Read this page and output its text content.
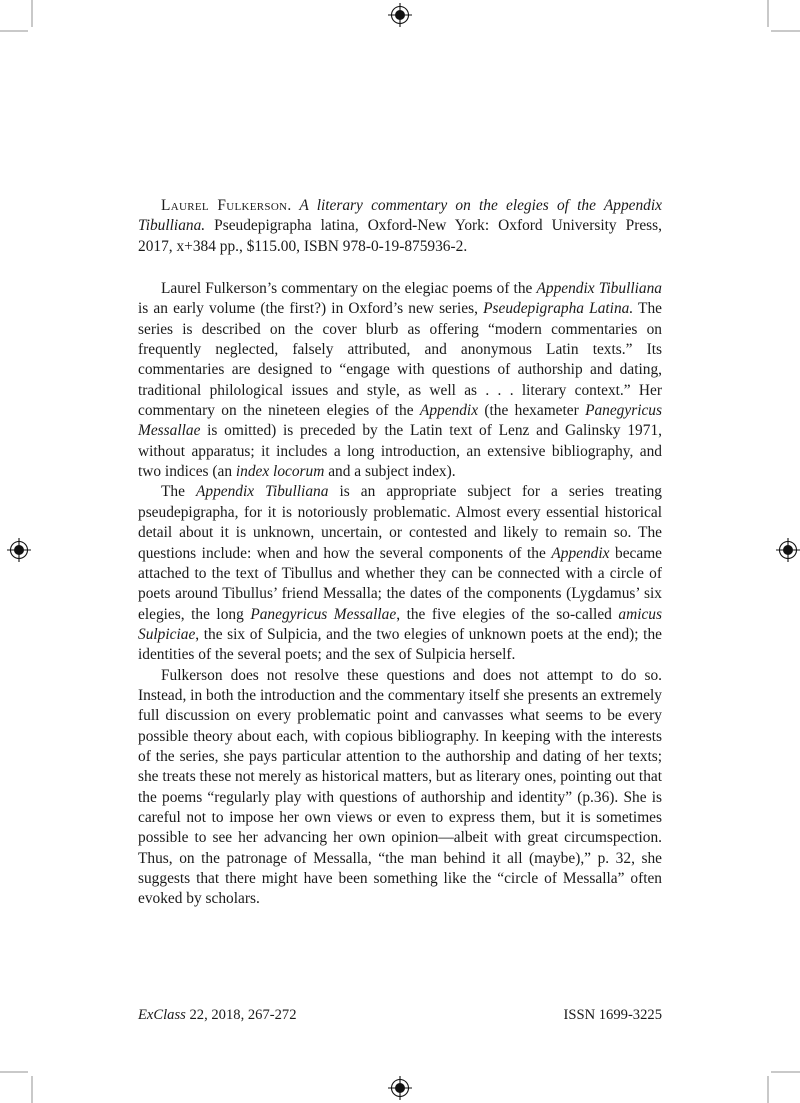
Laurel Fulkerson. A literary commentary on the elegies of the Appendix Tibulliana. Pseudepigrapha latina, Oxford-New York: Oxford University Press, 2017, x+384 pp., $115.00, ISBN 978-0-19-875936-2.

Laurel Fulkerson’s commentary on the elegiac poems of the Appendix Tibulliana is an early volume (the first?) in Oxford’s new series, Pseudepigrapha Latina. The series is described on the cover blurb as offering “modern commentaries on frequently neglected, falsely attributed, and anonymous Latin texts.” Its commentaries are designed to “engage with questions of authorship and dating, traditional philological issues and style, as well as . . . literary context.” Her commentary on the nineteen elegies of the Appendix (the hexameter Panegyricus Messallae is omitted) is preceded by the Latin text of Lenz and Galinsky 1971, without apparatus; it includes a long introduction, an extensive bibliography, and two indices (an index locorum and a subject index).

The Appendix Tibulliana is an appropriate subject for a series treating pseudepigrapha, for it is notoriously problematic. Almost every essential historical detail about it is unknown, uncertain, or contested and likely to remain so. The questions include: when and how the several components of the Appendix became attached to the text of Tibullus and whether they can be connected with a circle of poets around Tibullus’ friend Messalla; the dates of the components (Lygdamus’ six elegies, the long Panegyricus Messallae, the five elegies of the so-called amicus Sulpiciae, the six of Sulpicia, and the two elegies of unknown poets at the end); the identities of the several poets; and the sex of Sulpicia herself.

Fulkerson does not resolve these questions and does not attempt to do so. Instead, in both the introduction and the commentary itself she presents an extremely full discussion on every problematic point and canvasses what seems to be every possible theory about each, with copious bibliography. In keeping with the interests of the series, she pays particular attention to the authorship and dating of her texts; she treats these not merely as historical matters, but as literary ones, pointing out that the poems “regularly play with questions of authorship and identity” (p.36). She is careful not to impose her own views or even to express them, but it is sometimes possible to see her advancing her own opinion—albeit with great circumspection. Thus, on the patronage of Messalla, “the man behind it all (maybe),” p. 32, she suggests that there might have been something like the “circle of Messalla” often evoked by scholars.

ExClass 22, 2018, 267-272	ISSN 1699-3225
